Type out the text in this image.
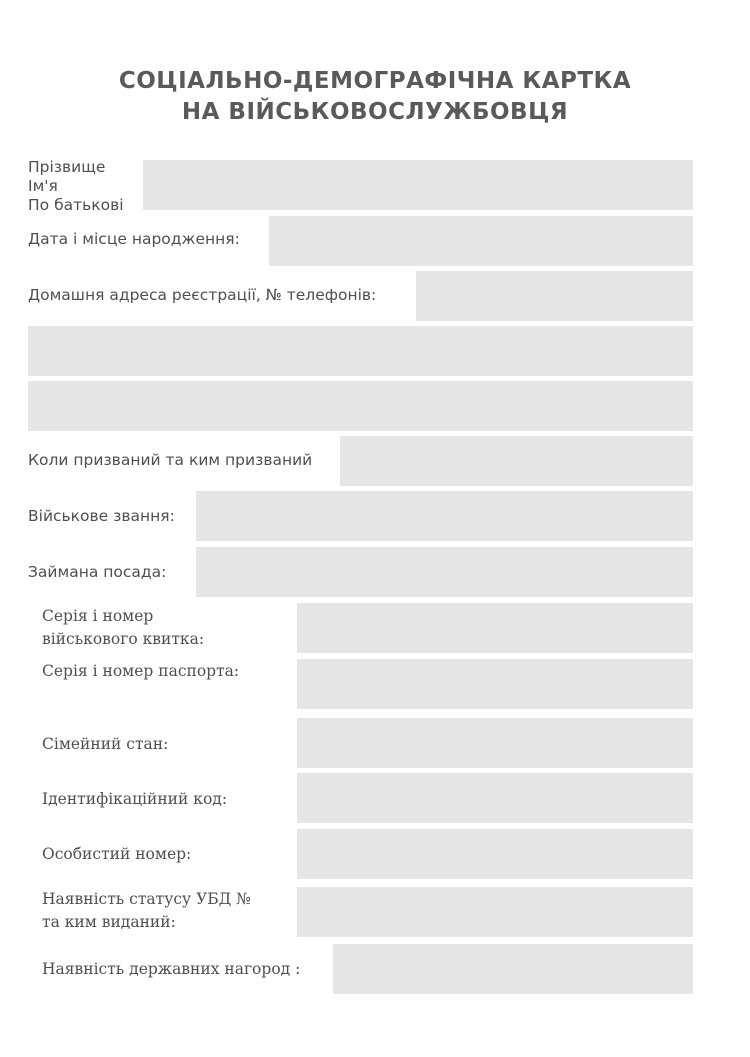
СОЦІАЛЬНО-ДЕМОГРАФІЧНА КАРТКА
НА ВІЙСЬКОВОСЛУЖБОВЦЯ
Прізвище
Ім'я
По батькові
Дата і місце народження:
Домашня адреса реєстрації, № телефонів:
Коли призваний та ким призваний
Військове звання:
Займана посада:
Серія і номер
військового квитка:
Серія і номер паспорта:
Сімейний стан:
Ідентифікаційний код:
Особистий номер:
Наявність статусу УБД №
та ким виданий:
Наявність державних нагород :
